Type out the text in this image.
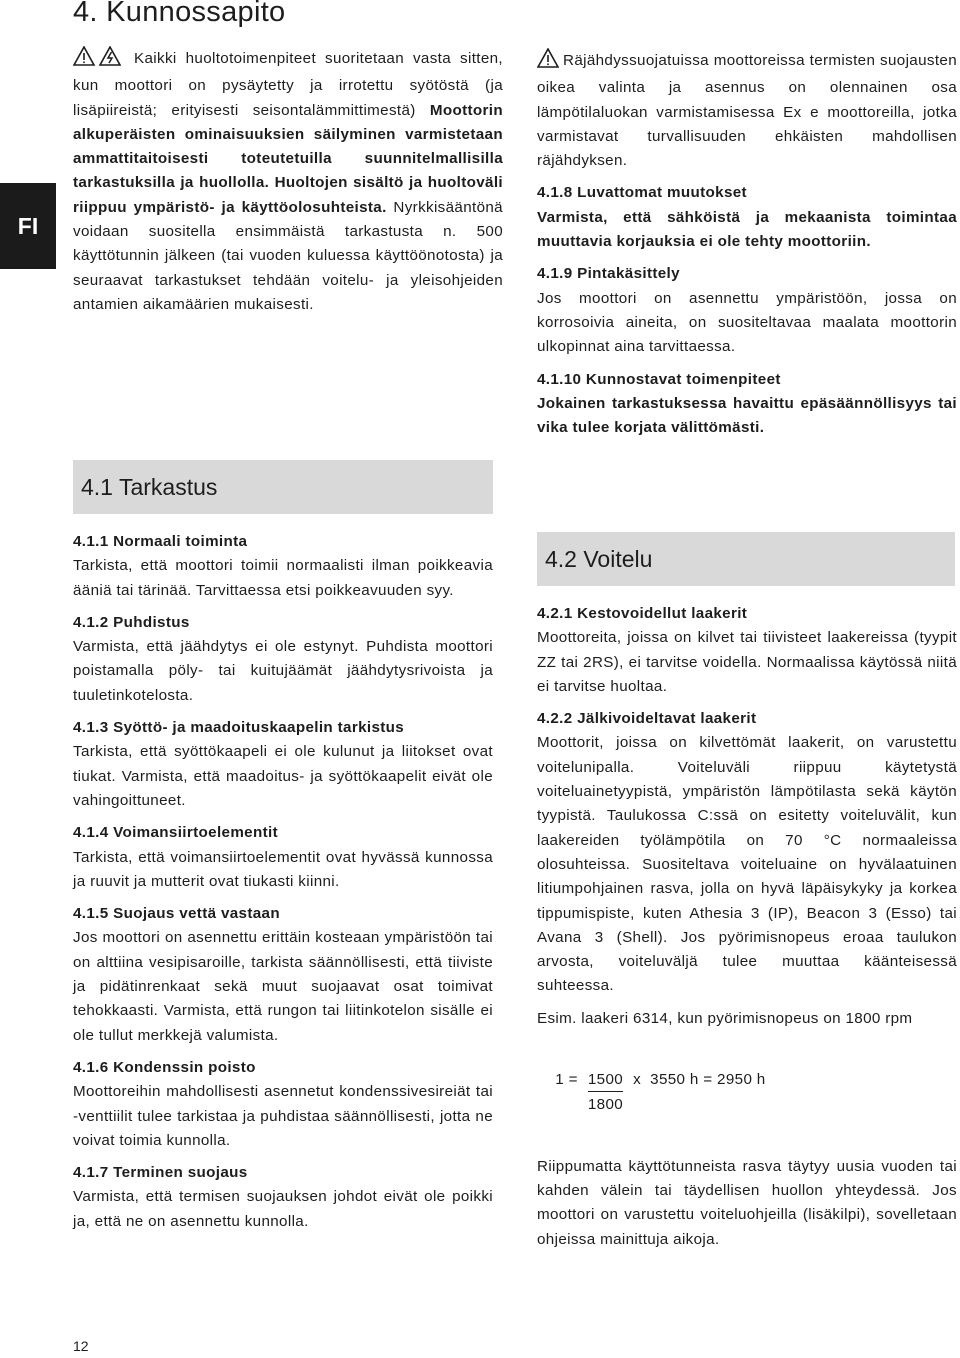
4. Kunnossapito
FI
Kaikki huoltotoimenpiteet suoritetaan vasta sitten, kun moottori on pysäytetty ja irrotettu syötöstä (ja lisäpiireistä; erityisesti seisontalämmittimestä) Moottorin alkuperäisten ominaisuuksien säilyminen varmistetaan ammattitaitoisesti toteutetuilla suunnitelmallisilla tarkastuksilla ja huollolla. Huoltojen sisältö ja huoltoväli riippuu ympäristö- ja käyttöolosuhteista. Nyrkkisääntönä voidaan suositella ensimmäistä tarkastusta n. 500 käyttötunnin jälkeen (tai vuoden kuluessa käyttöönotosta) ja seuraavat tarkastukset tehdään voitelu- ja yleisohjeiden antamien aikamäärien mukaisesti.

Räjähdyssuojatuissa moottoreissa termisten suojausten oikea valinta ja asennus on olennainen osa lämpötilaluokan varmistamisessa Ex e moottoreilla, jotka varmistavat turvallisuuden ehkäisten mahdollisen räjähdyksen.

4.1.8 Luvattomat muutokset

Varmista, että sähköistä ja mekaanista toimintaa muuttavia korjauksia ei ole tehty moottoriin.

4.1.9 Pintakäsittely

Jos moottori on asennettu ympäristöön, jossa on korrosoivia aineita, on suositeltavaa maalata moottorin ulkopinnat aina tarvittaessa.

4.1.10 Kunnostavat toimenpiteet

Jokainen tarkastuksessa havaittu epäsäännöllisyys tai vika tulee korjata välittömästi.

4.1 Tarkastus
4.1.1 Normaali toiminta

Tarkista, että moottori toimii normaalisti ilman poikkeavia ääniä tai tärinää. Tarvittaessa etsi poikkeavuuden syy.

4.1.2 Puhdistus

Varmista, että jäähdytys ei ole estynyt. Puhdista moottori poistamalla pöly- tai kuitujäämät jäähdytysrivoista ja tuuletinkotelosta.

4.1.3 Syöttö- ja maadoituskaapelin tarkistus

Tarkista, että syöttökaapeli ei ole kulunut ja liitokset ovat tiukat. Varmista, että maadoitus- ja syöttökaapelit eivät ole vahingoittuneet.

4.1.4 Voimansiirtoelementit

Tarkista, että voimansiirtoelementit ovat hyvässä kunnossa ja ruuvit ja mutterit ovat tiukasti kiinni.

4.1.5 Suojaus vettä vastaan

Jos moottori on asennettu erittäin kosteaan ympäristöön tai on alttiina vesipisaroille, tarkista säännöllisesti, että tiiviste ja pidätinrenkaat sekä muut suojaavat osat toimivat tehokkaasti. Varmista, että rungon tai liitinkotelon sisälle ei ole tullut merkkejä valumista.

4.1.6 Kondenssin poisto

Moottoreihin mahdollisesti asennetut kondenssivesireiät tai -venttiilit tulee tarkistaa ja puhdistaa säännöllisesti, jotta ne voivat toimia kunnolla.

4.1.7 Terminen suojaus

Varmista, että termisen suojauksen johdot eivät ole poikki ja, että ne on asennettu kunnolla.

4.2 Voitelu
4.2.1 Kestovoidellut laakerit

Moottoreita, joissa on kilvet tai tiivisteet laakereissa (tyypit ZZ tai 2RS), ei tarvitse voidella. Normaalissa käytössä niitä ei tarvitse huoltaa.

4.2.2 Jälkivoideltavat laakerit

Moottorit, joissa on kilvettömät laakerit, on varustettu voitelunipalla. Voiteluväli riippuu käytetystä voiteluainetyypistä, ympäristön lämpötilasta sekä käytön tyypistä. Taulukossa C:ssä on esitetty voiteluvälit, kun laakereiden työlämpötila on 70 °C normaaleissa olosuhteissa. Suositeltava voiteluaine on hyvälaatuinen litiumpohjainen rasva, jolla on hyvä läpäisykyky ja korkea tippumispiste, kuten Athesia 3 (IP), Beacon 3 (Esso) tai Avana 3 (Shell). Jos pyörimisnopeus eroaa taulukon arvosta, voiteluväljä tulee muuttaa käänteisessä suhteessa.

Esim. laakeri 6314, kun pyörimisnopeus on 1800 rpm

$1 = \frac{1500}{1800}$ x  3550 h = 2950 h

Riippumatta käyttötunneista rasva täytyy uusia vuoden tai kahden välein tai täydellisen huollon yhteydessä. Jos moottori on varustettu voiteluohjeilla (lisäkilpi), sovelletaan ohjeissa mainittuja aikoja.

12
